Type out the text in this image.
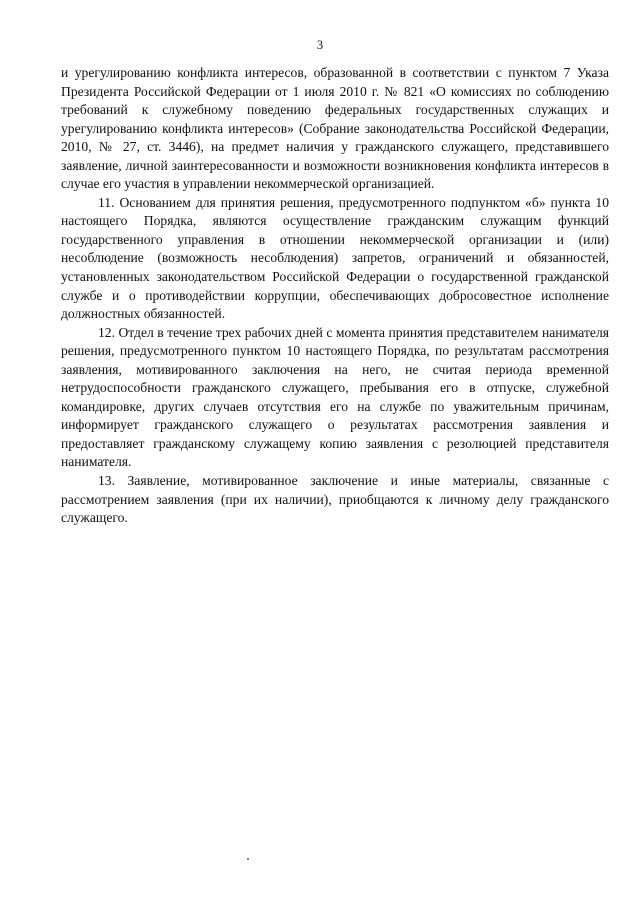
3

и урегулированию конфликта интересов, образованной в соответствии с пунктом 7 Указа Президента Российской Федерации от 1 июля 2010 г. № 821 «О комиссиях по соблюдению требований к служебному поведению федеральных государственных служащих и урегулированию конфликта интересов» (Собрание законодательства Российской Федерации, 2010, № 27, ст. 3446), на предмет наличия у гражданского служащего, представившего заявление, личной заинтересованности и возможности возникновения конфликта интересов в случае его участия в управлении некоммерческой организацией.

11. Основанием для принятия решения, предусмотренного подпунктом «б» пункта 10 настоящего Порядка, являются осуществление гражданским служащим функций государственного управления в отношении некоммерческой организации и (или) несоблюдение (возможность несоблюдения) запретов, ограничений и обязанностей, установленных законодательством Российской Федерации о государственной гражданской службе и о противодействии коррупции, обеспечивающих добросовестное исполнение должностных обязанностей.

12. Отдел в течение трех рабочих дней с момента принятия представителем нанимателя решения, предусмотренного пунктом 10 настоящего Порядка, по результатам рассмотрения заявления, мотивированного заключения на него, не считая периода временной нетрудоспособности гражданского служащего, пребывания его в отпуске, служебной командировке, других случаев отсутствия его на службе по уважительным причинам, информирует гражданского служащего о результатах рассмотрения заявления и предоставляет гражданскому служащему копию заявления с резолюцией представителя нанимателя.

13. Заявление, мотивированное заключение и иные материалы, связанные с рассмотрением заявления (при их наличии), приобщаются к личному делу гражданского служащего.
